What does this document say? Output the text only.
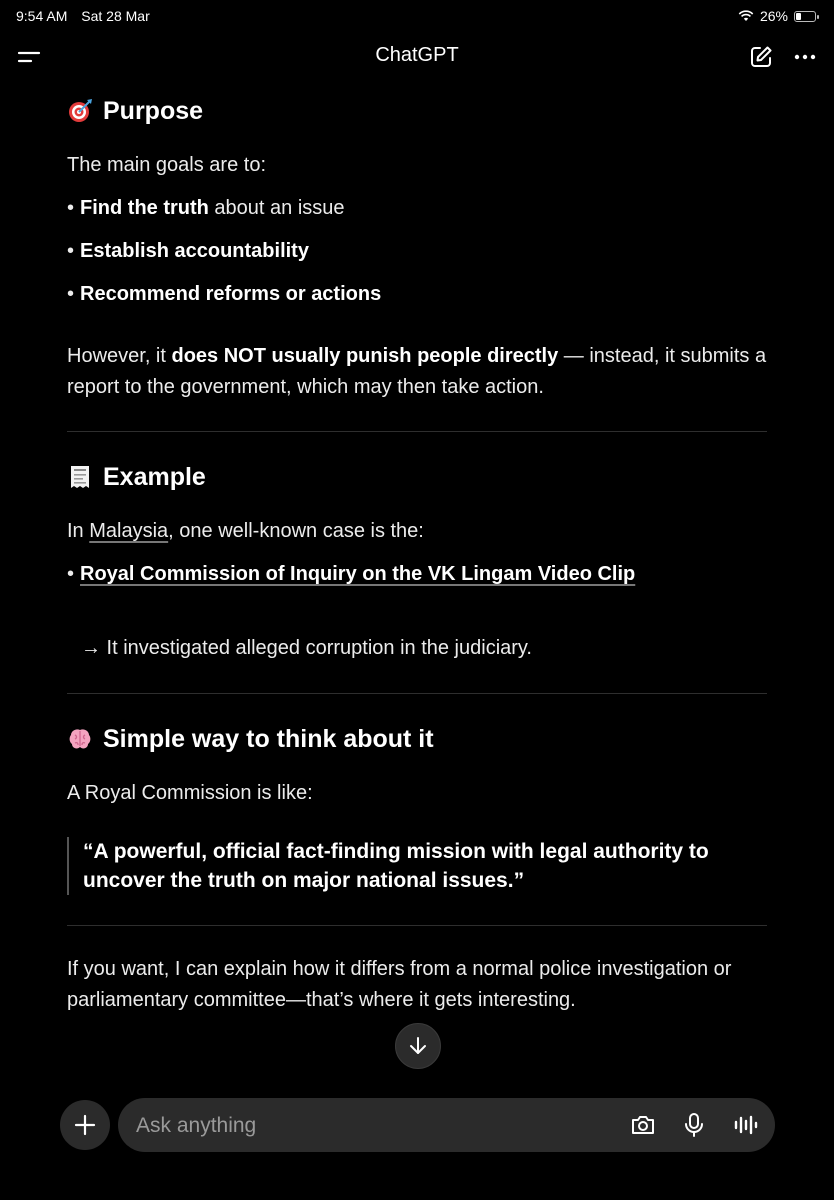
9:54 AM Sat 28 Mar	26%
ChatGPT
Purpose

The main goals are to:

• Find the truth about an issue

• Establish accountability

• Recommend reforms or actions

However, it does NOT usually punish people directly — instead, it submits a report to the government, which may then take action.

Example

In Malaysia, one well-known case is the:

• Royal Commission of Inquiry on the VK Lingam Video Clip

→ It investigated alleged corruption in the judiciary.

Simple way to think about it

A Royal Commission is like:

“A powerful, official fact-finding mission with legal authority to uncover the truth on major national issues.”

If you want, I can explain how it differs from a normal police investigation or parliamentary committee—that’s where it gets interesting.

Ask anything
